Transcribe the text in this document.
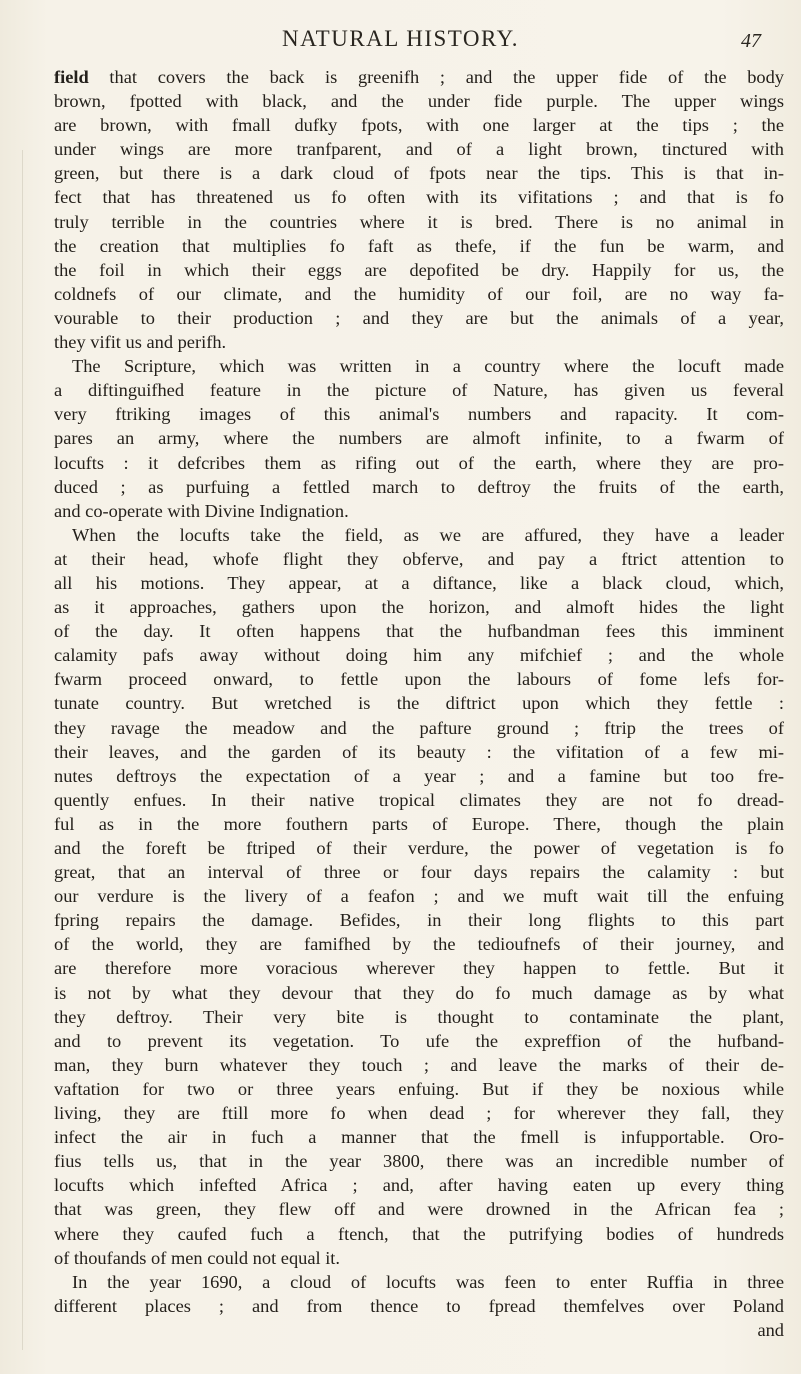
NATURAL HISTORY.	47
field that covers the back is greenifh ; and the upper fide of the body
brown, fpotted with black, and the under fide purple. The upper wings
are brown, with fmall dufky fpots, with one larger at the tips ; the
under wings are more tranfparent, and of a light brown, tinctured with
green, but there is a dark cloud of fpots near the tips. This is that in-
fect that has threatened us fo often with its vifitations ; and that is fo
truly terrible in the countries where it is bred. There is no animal in
the creation that multiplies fo faft as thefe, if the fun be warm, and
the foil in which their eggs are depofited be dry. Happily for us, the
coldnefs of our climate, and the humidity of our foil, are no way fa-
vourable to their production ; and they are but the animals of a year,
they vifit us and perifh.
The Scripture, which was written in a country where the locuft made
a diftinguifhed feature in the picture of Nature, has given us feveral
very ftriking images of this animal's numbers and rapacity. It com-
pares an army, where the numbers are almoft infinite, to a fwarm of
locufts : it defcribes them as rifing out of the earth, where they are pro-
duced ; as purfuing a fettled march to deftroy the fruits of the earth,
and co-operate with Divine Indignation.
When the locufts take the field, as we are affured, they have a leader
at their head, whofe flight they obferve, and pay a ftrict attention to
all his motions. They appear, at a diftance, like a black cloud, which,
as it approaches, gathers upon the horizon, and almoft hides the light
of the day. It often happens that the hufbandman fees this imminent
calamity pafs away without doing him any mifchief ; and the whole
fwarm proceed onward, to fettle upon the labours of fome lefs for-
tunate country. But wretched is the diftrict upon which they fettle :
they ravage the meadow and the pafture ground ; ftrip the trees of
their leaves, and the garden of its beauty : the vifitation of a few mi-
nutes deftroys the expectation of a year ; and a famine but too fre-
quently enfues. In their native tropical climates they are not fo dread-
ful as in the more fouthern parts of Europe. There, though the plain
and the foreft be ftriped of their verdure, the power of vegetation is fo
great, that an interval of three or four days repairs the calamity : but
our verdure is the livery of a feafon ; and we muft wait till the enfuing
fpring repairs the damage. Befides, in their long flights to this part
of the world, they are famifhed by the tedioufnefs of their journey, and
are therefore more voracious wherever they happen to fettle. But it
is not by what they devour that they do fo much damage as by what
they deftroy. Their very bite is thought to contaminate the plant,
and to prevent its vegetation. To ufe the expreffion of the hufband-
man, they burn whatever they touch ; and leave the marks of their de-
vaftation for two or three years enfuing. But if they be noxious while
living, they are ftill more fo when dead ; for wherever they fall, they
infect the air in fuch a manner that the fmell is infupportable. Oro-
fius tells us, that in the year 3800, there was an incredible number of
locufts which infefted Africa ; and, after having eaten up every thing
that was green, they flew off and were drowned in the African fea ;
where they caufed fuch a ftench, that the putrifying bodies of hundreds
of thoufands of men could not equal it.
In the year 1690, a cloud of locufts was feen to enter Ruffia in three
different places ; and from thence to fpread themfelves over Poland
and
